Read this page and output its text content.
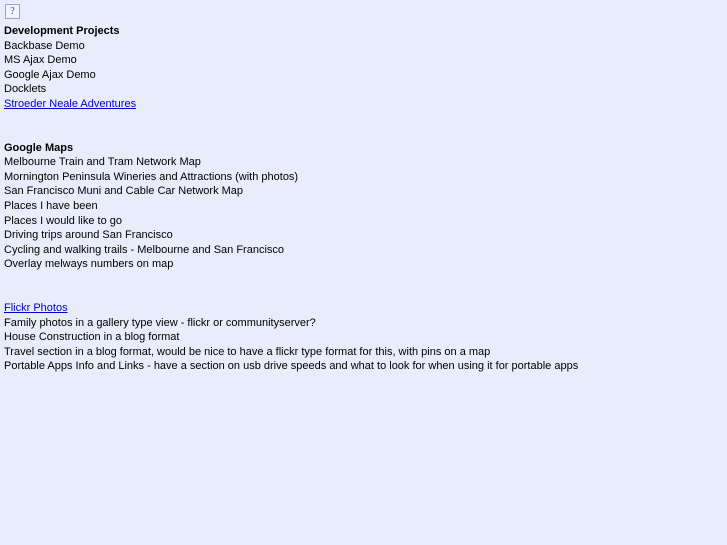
?
Development Projects
Backbase Demo
MS Ajax Demo
Google Ajax Demo
Docklets
Stroeder Neale Adventures
Google Maps
Melbourne Train and Tram Network Map
Mornington Peninsula Wineries and Attractions (with photos)
San Francisco Muni and Cable Car Network Map
Places I have been
Places I would like to go
Driving trips around San Francisco
Cycling and walking trails - Melbourne and San Francisco
Overlay melways numbers on map
Flickr Photos
Family photos in a gallery type view - flickr or communityserver?
House Construction in a blog format
Travel section in a blog format, would be nice to have a flickr type format for this, with pins on a map
Portable Apps Info and Links - have a section on usb drive speeds and what to look for when using it for portable apps
